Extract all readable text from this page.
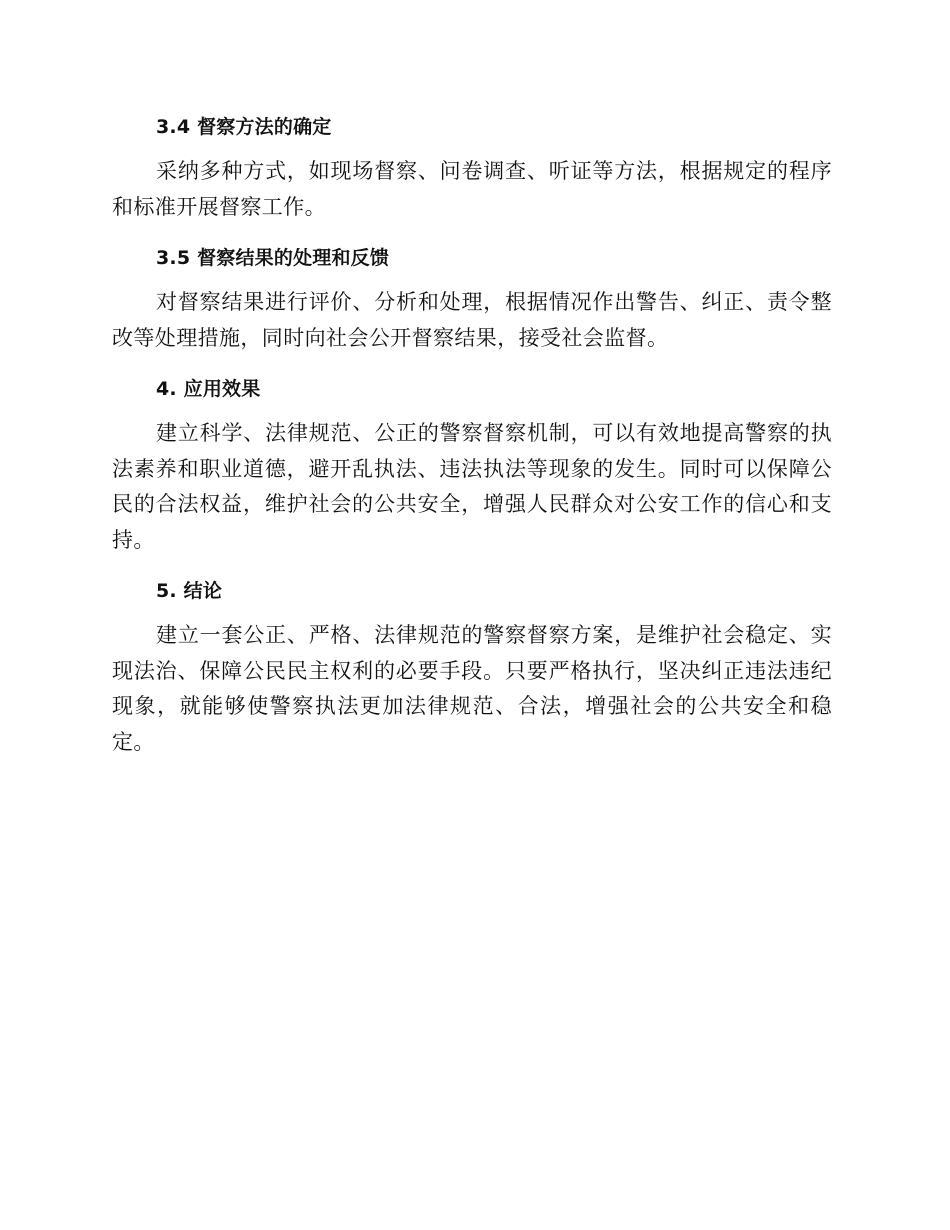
3.4 督察方法的确定

采纳多种方式，如现场督察、问卷调查、听证等方法，根据规定的程序和标准开展督察工作。

3.5 督察结果的处理和反馈

对督察结果进行评价、分析和处理，根据情况作出警告、纠正、责令整改等处理措施，同时向社会公开督察结果，接受社会监督。

4. 应用效果

建立科学、法律规范、公正的警察督察机制，可以有效地提高警察的执法素养和职业道德，避开乱执法、违法执法等现象的发生。同时可以保障公民的合法权益，维护社会的公共安全，增强人民群众对公安工作的信心和支持。

5. 结论

建立一套公正、严格、法律规范的警察督察方案，是维护社会稳定、实现法治、保障公民民主权利的必要手段。只要严格执行，坚决纠正违法违纪现象，就能够使警察执法更加法律规范、合法，增强社会的公共安全和稳定。
